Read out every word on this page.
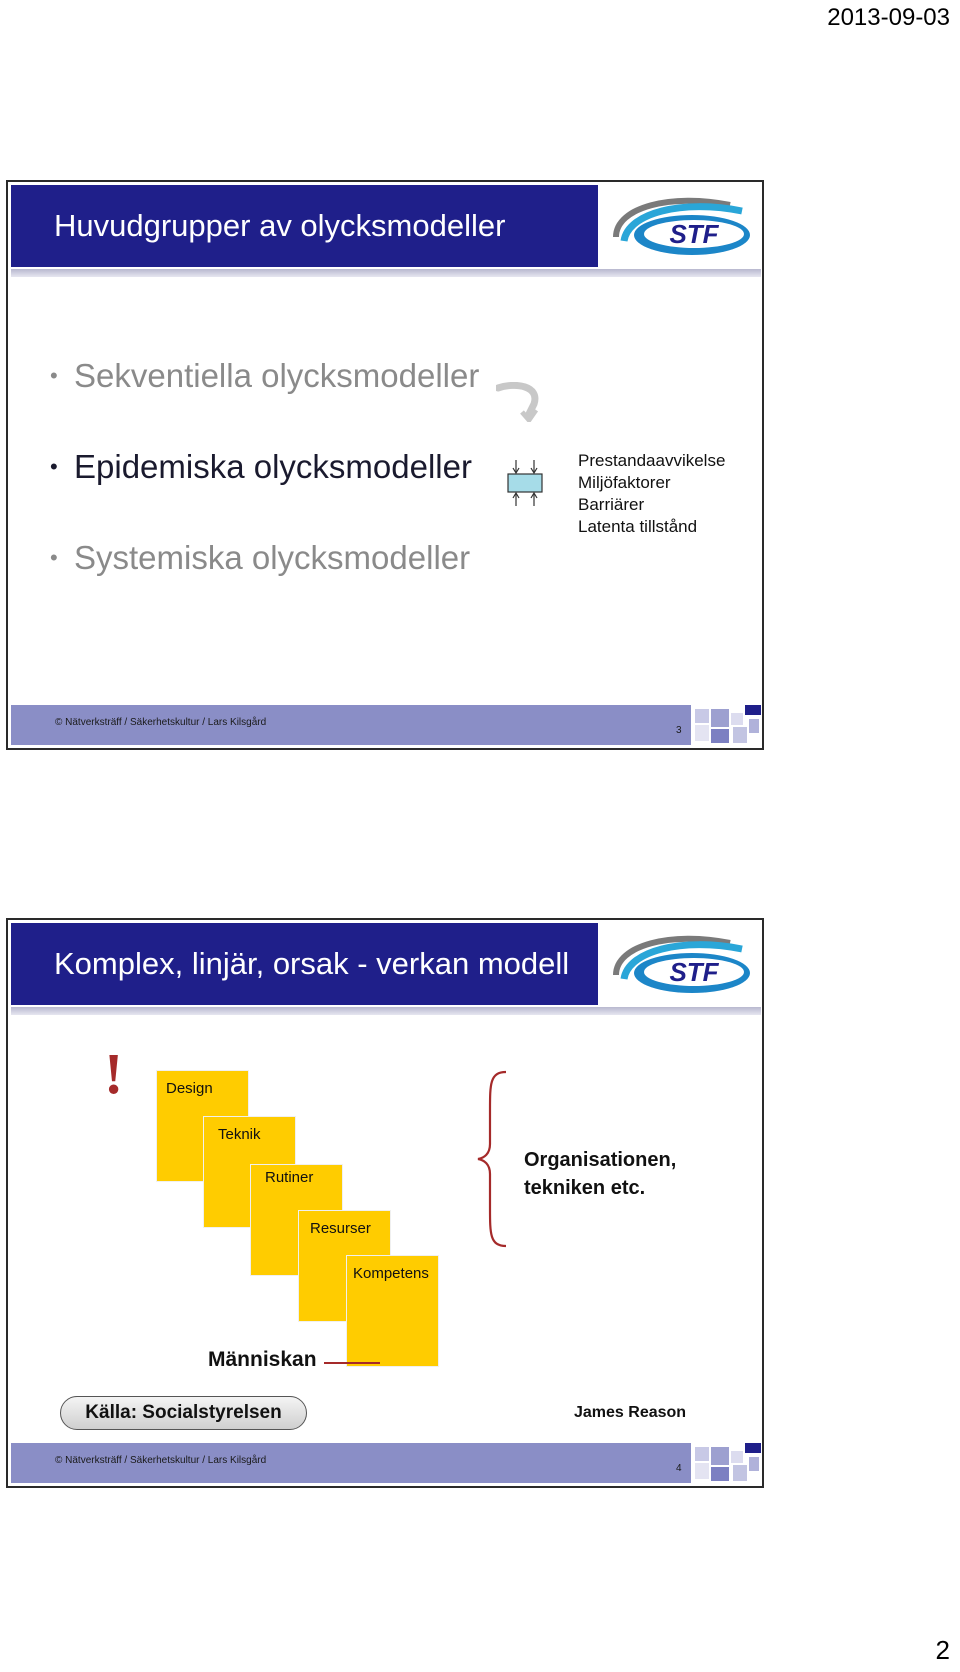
2013-09-03
Huvudgrupper av olycksmodeller	STF
• Sekventiella olycksmodeller
• Epidemiska olycksmodeller	Prestandaavvikelse
Miljöfaktorer
Barriärer
Latenta tillstånd
• Systemiska olycksmodeller
© Nätverksträff / Säkerhetskultur / Lars Kilsgård
3
Komplex, linjär, orsak - verkan modell	STF
!	Design
Teknik
Rutiner
Resurser
Kompetens
Organisationen,
tekniken etc.
Människan
Källa: Socialstyrelsen	James Reason
© Nätverksträff / Säkerhetskultur / Lars Kilsgård
4
2
